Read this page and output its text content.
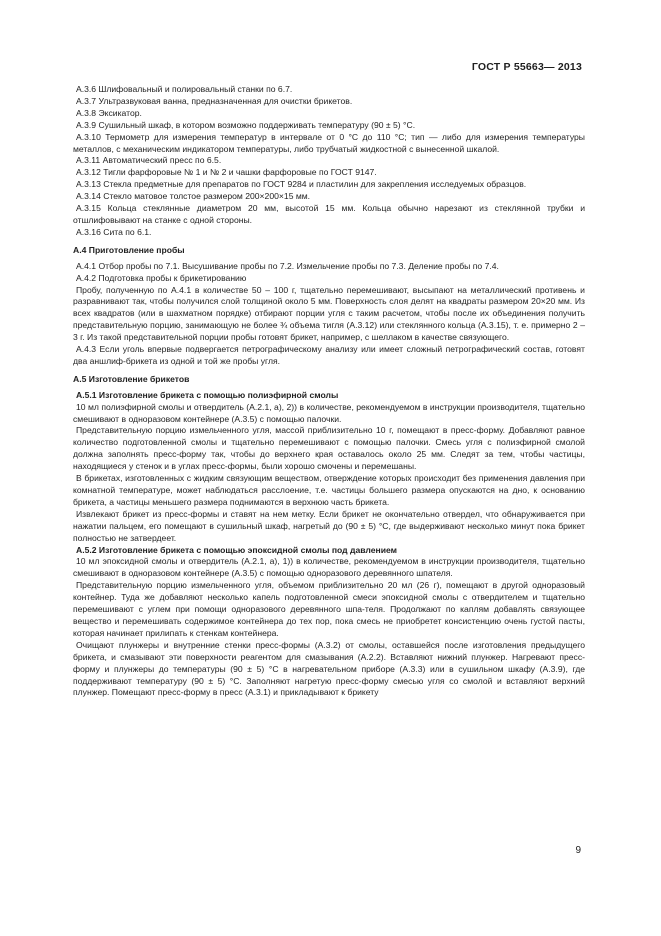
ГОСТ Р 55663— 2013

A.3.6 Шлифовальный и полировальный станки по 6.7.

A.3.7 Ультразвуковая ванна, предназначенная для очистки брикетов.

A.3.8 Эксикатор.

A.3.9 Сушильный шкаф, в котором возможно поддерживать температуру (90 ± 5) °C.

A.3.10 Термометр для измерения температур в интервале от 0 °C до 110 °C; тип — либо для измерения температуры металлов, с механическим индикатором температуры, либо трубчатый жидкостной с вынесенной шкалой.

A.3.11 Автоматический пресс по 6.5.

A.3.12 Тигли фарфоровые № 1 и № 2 и чашки фарфоровые по ГОСТ 9147.

A.3.13 Стекла предметные для препаратов по ГОСТ 9284 и пластилин для закрепления исследуемых образцов.

A.3.14 Стекло матовое толстое размером 200×200×15 мм.

A.3.15 Кольца стеклянные диаметром 20 мм, высотой 15 мм. Кольца обычно нарезают из стеклянной трубки и отшлифовывают на станке с одной стороны.

A.3.16 Сита по 6.1.

A.4 Приготовление пробы

A.4.1 Отбор пробы по 7.1. Высушивание пробы по 7.2. Измельчение пробы по 7.3. Деление пробы по 7.4.

A.4.2 Подготовка пробы к брикетированию

Пробу, полученную по А.4.1 в количестве 50 – 100 г, тщательно перемешивают, высыпают на металлический противень и разравнивают так, чтобы получился слой толщиной около 5 мм. Поверхность слоя делят на квадраты размером 20×20 мм. Из всех квадратов (или в шахматном порядке) отбирают порции угля с таким расчетом, чтобы после их объединения получить представительную порцию, занимающую не более ¾ объема тигля (А.3.12) или стеклянного кольца (А.3.15), т. е. примерно 2 – 3 г. Из такой представительной порции пробы готовят брикет, например, с шеллаком в качестве связующего.

A.4.3 Если уголь впервые подвергается петрографическому анализу или имеет сложный петрографический состав, готовят два аншлиф-брикета из одной и той же пробы угля.

A.5 Изготовление брикетов

A.5.1 Изготовление брикета с помощью полиэфирной смолы

10 мл полиэфирной смолы и отвердитель (А.2.1, а), 2)) в количестве, рекомендуемом в инструкции производителя, тщательно смешивают в одноразовом контейнере (А.3.5) с помощью палочки.

Представительную порцию измельченного угля, массой приблизительно 10 г, помещают в пресс-форму. Добавляют равное количество подготовленной смолы и тщательно перемешивают с помощью палочки. Смесь угля с полиэфирной смолой должна заполнять пресс-форму так, чтобы до верхнего края оставалось около 25 мм. Следят за тем, чтобы частицы, находящиеся у стенок и в углах пресс-формы, были хорошо смочены и перемешаны.

В брикетах, изготовленных с жидким связующим веществом, отверждение которых происходит без применения давления при комнатной температуре, может наблюдаться расслоение, т.е. частицы большего размера опускаются на дно, к основанию брикета, а частицы меньшего размера поднимаются в верхнюю часть брикета.

Извлекают брикет из пресс-формы и ставят на нем метку. Если брикет не окончательно отвердел, что обнаруживается при нажатии пальцем, его помещают в сушильный шкаф, нагретый до (90 ± 5) °C, где выдерживают несколько минут пока брикет полностью не затвердеет.

A.5.2 Изготовление брикета с помощью эпоксидной смолы под давлением

10 мл эпоксидной смолы и отвердитель (А.2.1, а), 1)) в количестве, рекомендуемом в инструкции производителя, тщательно смешивают в одноразовом контейнере (А.3.5) с помощью одноразового деревянного шпателя.

Представительную порцию измельченного угля, объемом приблизительно 20 мл (26 г), помещают в другой одноразовый контейнер. Туда же добавляют несколько капель подготовленной смеси эпоксидной смолы с отвердителем и тщательно перемешивают с углем при помощи одноразового деревянного шпа-теля. Продолжают по каплям добавлять связующее вещество и перемешивать содержимое контейнера до тех пор, пока смесь не приобретет консистенцию очень густой пасты, которая начинает прилипать к стенкам контейнера.

Очищают плунжеры и внутренние стенки пресс-формы (А.3.2) от смолы, оставшейся после изготовления предыдущего брикета, и смазывают эти поверхности реагентом для смазывания (А.2.2). Вставляют нижний плунжер. Нагревают пресс-форму и плунжеры до температуры (90 ± 5) °C в нагревательном приборе (А.3.3) или в сушильном шкафу (А.3.9), где поддерживают температуру (90 ± 5) °C. Заполняют нагретую пресс-форму смесью угля со смолой и вставляют верхний плунжер. Помещают пресс-форму в пресс (А.3.1) и прикладывают к брикету

9
